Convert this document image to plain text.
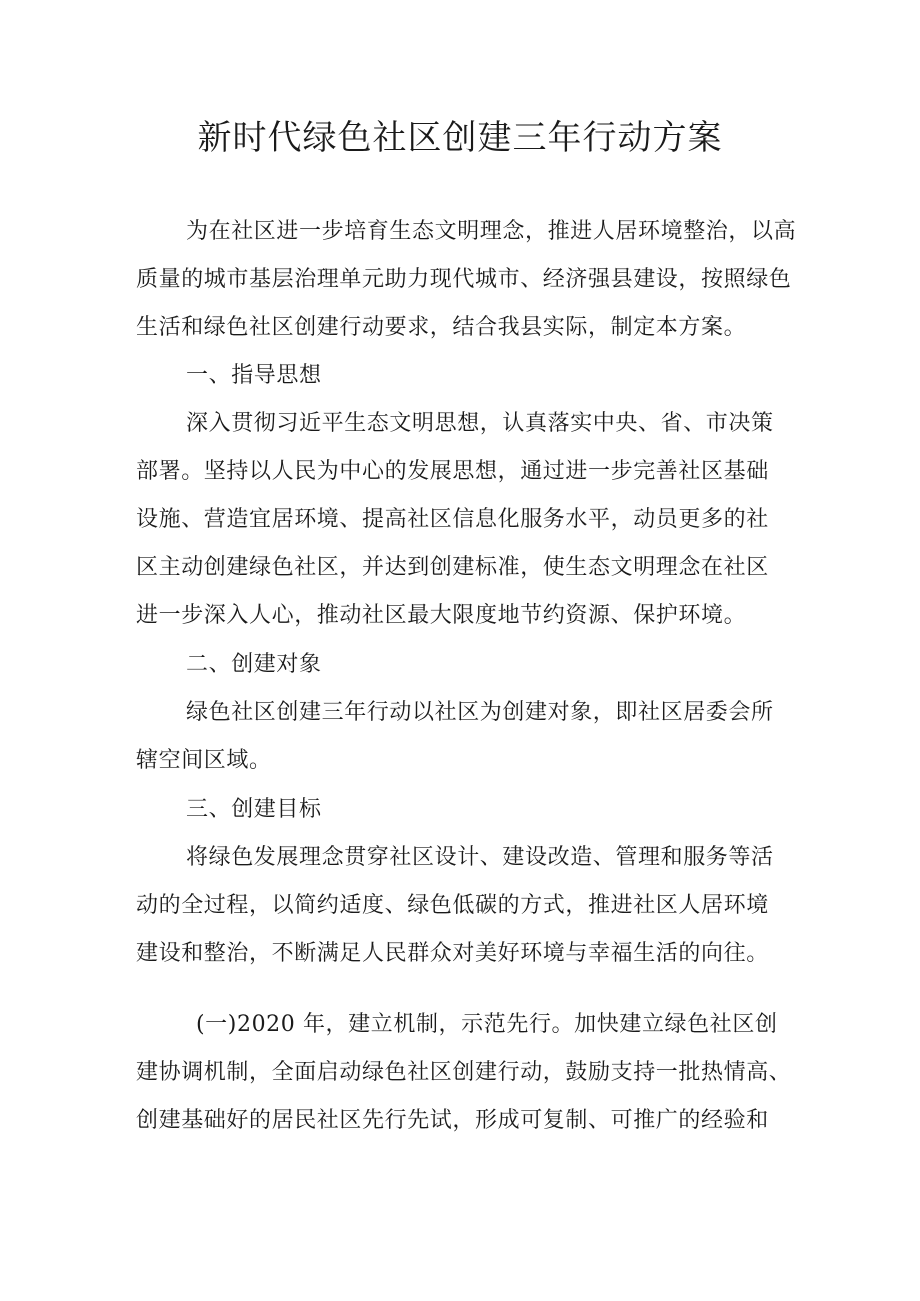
新时代绿色社区创建三年行动方案
为在社区进一步培育生态文明理念，推进人居环境整治，以高
质量的城市基层治理单元助力现代城市、经济强县建设，按照绿色
生活和绿色社区创建行动要求，结合我县实际，制定本方案。
一、指导思想
深入贯彻习近平生态文明思想，认真落实中央、省、市决策
部署。坚持以人民为中心的发展思想，通过进一步完善社区基础
设施、营造宜居环境、提高社区信息化服务水平，动员更多的社
区主动创建绿色社区，并达到创建标准，使生态文明理念在社区
进一步深入人心，推动社区最大限度地节约资源、保护环境。
二、创建对象
绿色社区创建三年行动以社区为创建对象，即社区居委会所
辖空间区域。
三、创建目标
将绿色发展理念贯穿社区设计、建设改造、管理和服务等活
动的全过程，以简约适度、绿色低碳的方式，推进社区人居环境
建设和整治，不断满足人民群众对美好环境与幸福生活的向往。
(一)2020 年，建立机制，示范先行。加快建立绿色社区创
建协调机制，全面启动绿色社区创建行动，鼓励支持一批热情高、
创建基础好的居民社区先行先试，形成可复制、可推广的经验和
